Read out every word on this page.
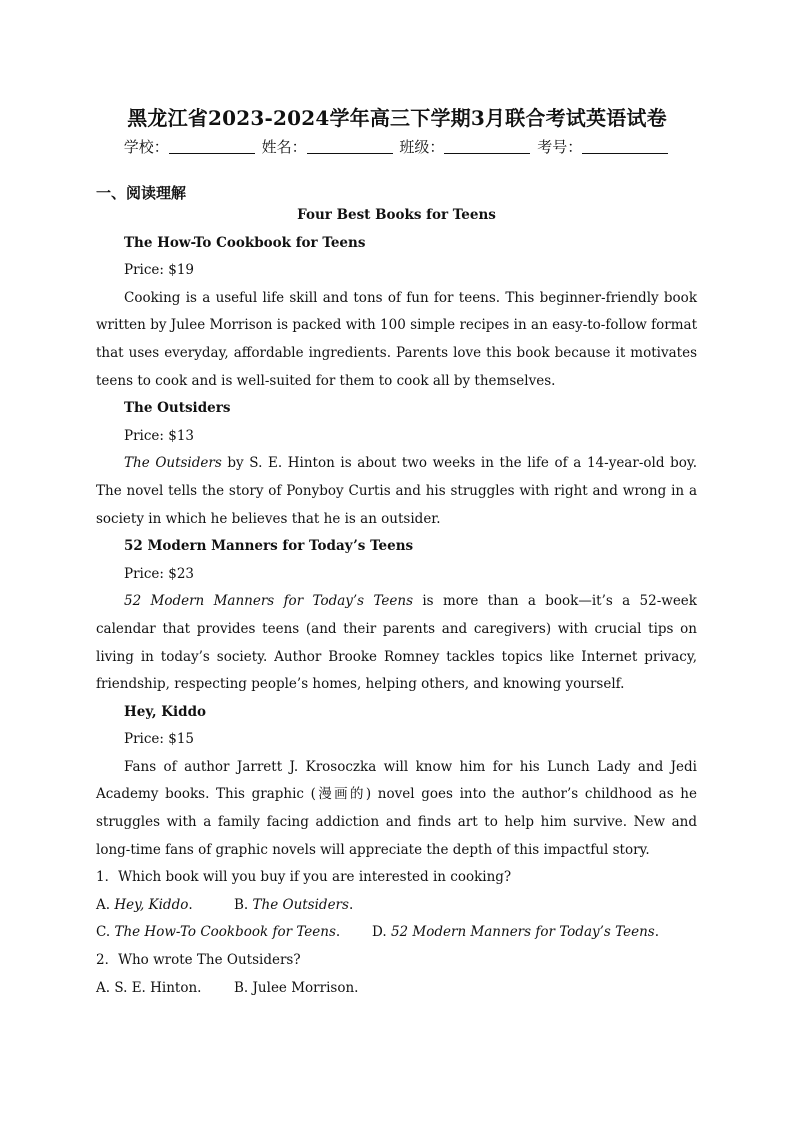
黑龙江省2023-2024学年高三下学期3月联合考试英语试卷
学校：	姓名：	班级：	考号：
一、阅读理解

Four Best Books for Teens

The How-To Cookbook for Teens

Price: $19

Cooking is a useful life skill and tons of fun for teens. This beginner-friendly book written by Julee Morrison is packed with 100 simple recipes in an easy-to-follow format that uses everyday, affordable ingredients. Parents love this book because it motivates teens to cook and is well-suited for them to cook all by themselves.

The Outsiders

Price: $13

The Outsiders by S. E. Hinton is about two weeks in the life of a 14-year-old boy. The novel tells the story of Ponyboy Curtis and his struggles with right and wrong in a society in which he believes that he is an outsider.

52 Modern Manners for Today’s Teens

Price: $23

52 Modern Manners for Today’s Teens is more than a book—it’s a 52-week calendar that provides teens (and their parents and caregivers) with crucial tips on living in today’s society. Author Brooke Romney tackles topics like Internet privacy, friendship, respecting people’s homes, helping others, and knowing yourself.

Hey, Kiddo

Price: $15

Fans of author Jarrett J. Krosoczka will know him for his Lunch Lady and Jedi Academy books. This graphic (漫画的) novel goes into the author’s childhood as he struggles with a family facing addiction and finds art to help him survive. New and long-time fans of graphic novels will appreciate the depth of this impactful story.

1．Which book will you buy if you are interested in cooking?

A. Hey, Kiddo.	B. The Outsiders.

C. The How-To Cookbook for Teens. D. 52 Modern Manners for Today’s Teens.

2．Who wrote The Outsiders?

A. S. E. Hinton. B. Julee Morrison.
